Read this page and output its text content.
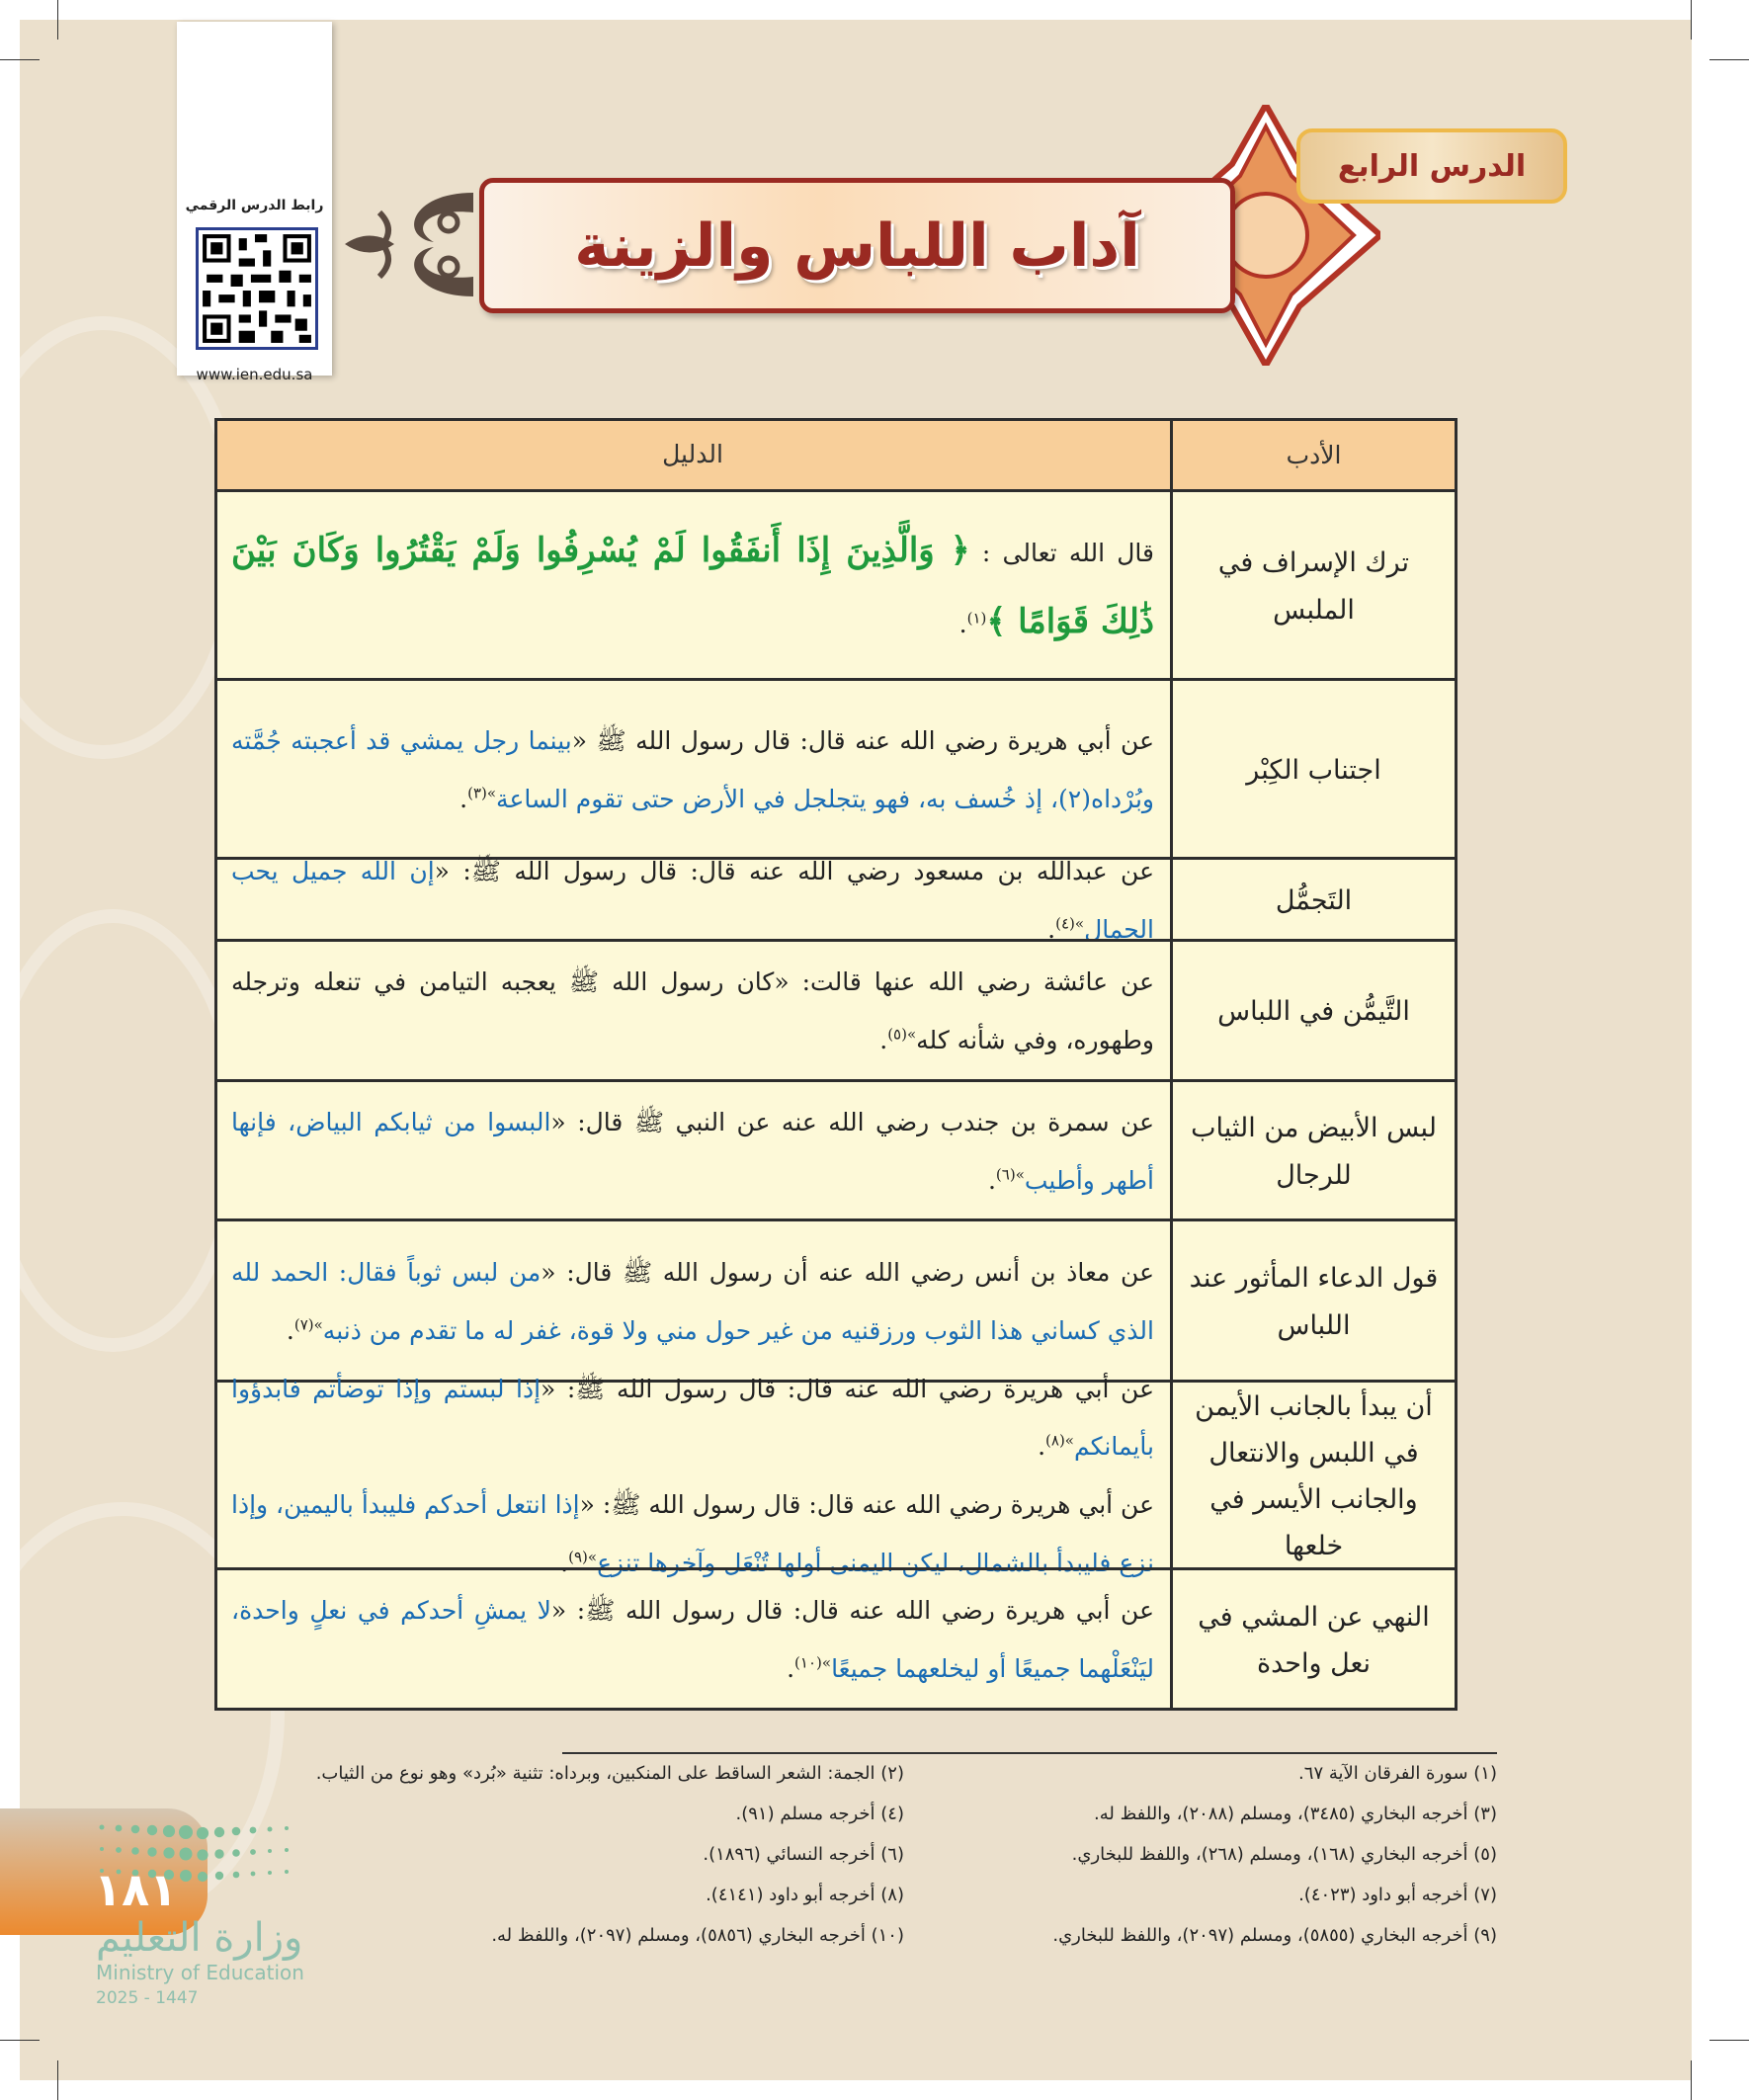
رابط الدرس الرقمي
www.ien.edu.sa
آداب اللباس والزينة
الدرس الرابع
الأدب
الدليل
ترك الإسراف في الملبس
قال الله تعالى : ﴿ وَالَّذِينَ إِذَا أَنفَقُوا لَمْ يُسْرِفُوا وَلَمْ يَقْتُرُوا وَكَانَ بَيْنَ ذَٰلِكَ قَوَامًا ﴾$^{(١)}$.
اجتناب الكِبْر
عن أبي هريرة رضي الله عنه قال: قال رسول الله ﷺ «بينما رجل يمشي قد أعجبته جُمَّته وبُرْداه(٢)، إذ خُسف به، فهو يتجلجل في الأرض حتى تقوم الساعة$^{»(٣)}$.
التَجمُّل
عن عبدالله بن مسعود رضي الله عنه قال: قال رسول الله ﷺ: «إن الله جميل يحب الجمال$^{»(٤)}$.
التَّيمُّن في اللباس
عن عائشة رضي الله عنها قالت: «كان رسول الله ﷺ يعجبه التيامن في تنعله وترجله وطهوره، وفي شأنه كله$^{»(٥)}$.
لبس الأبيض من الثياب للرجال
عن سمرة بن جندب رضي الله عنه عن النبي ﷺ قال: «البسوا من ثيابكم البياض، فإنها أطهر وأطيب$^{»(٦)}$.
قول الدعاء المأثور عند اللباس
عن معاذ بن أنس رضي الله عنه أن رسول الله ﷺ قال: «من لبس ثوباً فقال: الحمد لله الذي كساني هذا الثوب ورزقنيه من غير حول مني ولا قوة، غفر له ما تقدم من ذنبه$^{»(٧)}$.
أن يبدأ بالجانب الأيمن في اللبس والانتعال والجانب الأيسر في خلعها
عن أبي هريرة رضي الله عنه قال: قال رسول الله ﷺ: «إذا لبستم وإذا توضأتم فابدؤوا بأيمانكم$^{»(٨)}$.
عن أبي هريرة رضي الله عنه قال: قال رسول الله ﷺ: «إذا انتعل أحدكم فليبدأ باليمين، وإذا نزع فليبدأ بالشمال، ليكن اليمنى أولها تُنْعَل وآخرها تنزع$^{»(٩)}$.
النهي عن المشي في نعل واحدة
عن أبي هريرة رضي الله عنه قال: قال رسول الله ﷺ: «لا يمشِ أحدكم في نعلٍ واحدة، ليَنْعَلْهما جميعًا أو ليخلعهما جميعًا$^{»(١٠)}$.
(١) سورة الفرقان الآية ٦٧.
(٢) الجمة: الشعر الساقط على المنكبين، وبرداه: تثنية «بُرد» وهو نوع من الثياب.
(٣) أخرجه البخاري (٣٤٨٥)، ومسلم (٢٠٨٨)، واللفظ له.
(٤) أخرجه مسلم (٩١).
(٥) أخرجه البخاري (١٦٨)، ومسلم (٢٦٨)، واللفظ للبخاري.
(٦) أخرجه النسائي (١٨٩٦).
(٧) أخرجه أبو داود (٤٠٢٣).
(٨) أخرجه أبو داود (٤١٤١).
(٩) أخرجه البخاري (٥٨٥٥)، ومسلم (٢٠٩٧)، واللفظ للبخاري.
(١٠) أخرجه البخاري (٥٨٥٦)، ومسلم (٢٠٩٧)، واللفظ له.
١٨١
وزارة التعليم
Ministry of Education
2025 - 1447
